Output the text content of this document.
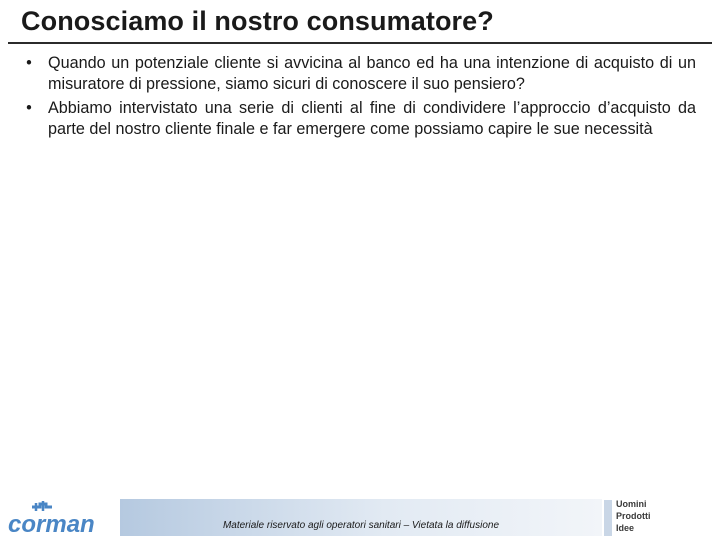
Conosciamo il nostro consumatore?
• Quando un potenziale cliente si avvicina al banco ed ha una intenzione di acquisto di un misuratore di pressione, siamo sicuri di conoscere il suo pensiero?
• Abbiamo intervistato una serie di clienti al fine di condividere l’approccio d’acquisto da parte del nostro cliente finale e far emergere come possiamo capire le sue necessità
corman	Materiale riservato agli operatori sanitari – Vietata la diffusione
Uomini
Prodotti
Idee
